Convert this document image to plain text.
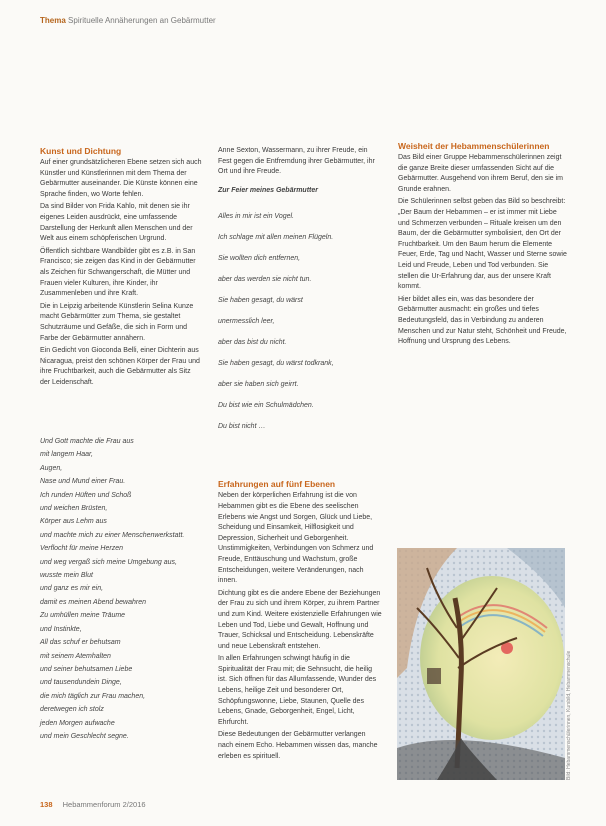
Thema Spirituelle Annäherungen an Gebärmutter
Kunst und Dichtung

Auf einer grundsätzlicheren Ebene setzen sich auch Künstler und Künstlerinnen mit dem Thema der Gebärmutter auseinander. Die Künste können eine Sprache finden, wo Worte fehlen.

Da sind Bilder von Frida Kahlo, mit denen sie ihr eigenes Leiden ausdrückt, eine umfassende Darstellung der Herkunft allen Menschen und der Welt aus einem schöpferischen Urgrund.

Öffentlich sichtbare Wandbilder gibt es z.B. in San Francisco; sie zeigen das Kind in der Gebärmutter als Zeichen für Schwangerschaft, die Mütter und Frauen vieler Kulturen, ihre Kinder, ihr Zusammenleben und ihre Kraft.

Die in Leipzig arbeitende Künstlerin Selina Kunze macht Gebärmütter zum Thema, sie gestaltet Schutzräume und Gefäße, die sich in Form und Farbe der Gebärmutter annähern.

Ein Gedicht von Gioconda Belli, einer Dichterin aus Nicaragua, preist den schönen Körper der Frau und ihre Fruchtbarkeit, auch die Gebärmutter als Sitz der Leidenschaft.

Und Gott machte die Frau aus
mit langem Haar,
Augen,
Nase und Mund einer Frau.
Ich runden Hüften und Schoß
und weichen Brüsten,
Körper aus Lehm aus
und machte mich zu einer Menschenwerkstatt.
Verflocht für meine Herzen
und weg vergaß sich meine Umgebung aus,
wusste mein Blut
und ganz es mir ein,
damit es meinen Abend bewahren
Zu umhüllen meine Träume
und Instinkte,
All das schuf er behutsam
mit seinem Atemhalten
und seiner behutsamen Liebe
und tausendundein Dinge,
die mich täglich zur Frau machen,
deretwegen ich stolz
jeden Morgen aufwache
und mein Geschlecht segne.

Anne Sexton, Wassermann, zu ihrer Freude, ein Fest gegen die Entfremdung ihrer Gebärmutter, ihr Ort und ihre Freude.

Zur Feier meines Gebärmutter
Alles in mir ist ein Vogel.
Ich schlage mit allen meinen Flügeln.
Sie wollten dich entfernen,
aber das werden sie nicht tun.
Sie haben gesagt, du wärst
unermesslich leer,
aber das bist du nicht.
Sie haben gesagt, du wärst todkrank,
aber sie haben sich geirrt.
Du bist wie ein Schulmädchen.
Du bist nicht …
Erfahrungen auf fünf Ebenen

Neben der körperlichen Erfahrung ist die von Hebammen gibt es die Ebene des seelischen Erlebens wie Angst und Sorgen, Glück und Liebe, Scheidung und Einsamkeit, Hilflosigkeit und Depression, Sicherheit und Geborgenheit. Unstimmigkeiten, Verbindungen von Schmerz und Freude, Enttäuschung und Wachstum, große Entscheidungen, weitere Veränderungen, nach innen.

Dichtung gibt es die andere Ebene der Beziehungen der Frau zu sich und ihrem Körper, zu ihrem Partner und zum Kind. Weitere existenzielle Erfahrungen wie Leben und Tod, Liebe und Gewalt, Hoffnung und Trauer, Schicksal und Entscheidung. Lebenskräfte und neue Lebenskraft entstehen.

In allen Erfahrungen schwingt häufig in die Spiritualität der Frau mit; die Sehnsucht, die heilig ist. Sich öffnen für das Allumfassende, Wunder des Lebens, heilige Zeit und besonderer Ort, Schöpfungswonne, Liebe, Staunen, Quelle des Lebens, Gnade, Geborgenheit, Engel, Licht, Ehrfurcht.

Diese Bedeutungen der Gebärmutter verlangen nach einem Echo. Hebammen wissen das, manche erleben es spirituell.

Weisheit der Hebammenschülerinnen

Das Bild einer Gruppe Hebammenschülerinnen zeigt die ganze Breite dieser umfassenden Sicht auf die Gebärmutter. Ausgehend von ihrem Beruf, den sie im Grunde erahnen.

Die Schülerinnen selbst geben das Bild so beschreibt: „Der Baum der Hebammen – er ist immer mit Liebe und Schmerzen verbunden – Rituale kreisen um den Baum, der die Gebärmutter symbolisiert, den Ort der Fruchtbarkeit. Um den Baum herum die Elemente Feuer, Erde, Tag und Nacht, Wasser und Sterne sowie Leid und Freude, Leben und Tod verbunden. Sie stellen die Ur-Erfahrung dar, aus der unsere Kraft kommt.

Hier bildet alles ein, was das besondere der Gebärmutter ausmacht: ein großes und tiefes Bedeutungsfeld, das in Verbindung zu anderen Menschen und zur Natur steht, Schönheit und Freude, Hoffnung und Ursprung des Lebens.

Bild: Hebammenschülerinnen, Kursbild, Hebammenschule
138 Hebammenforum 2/2016
